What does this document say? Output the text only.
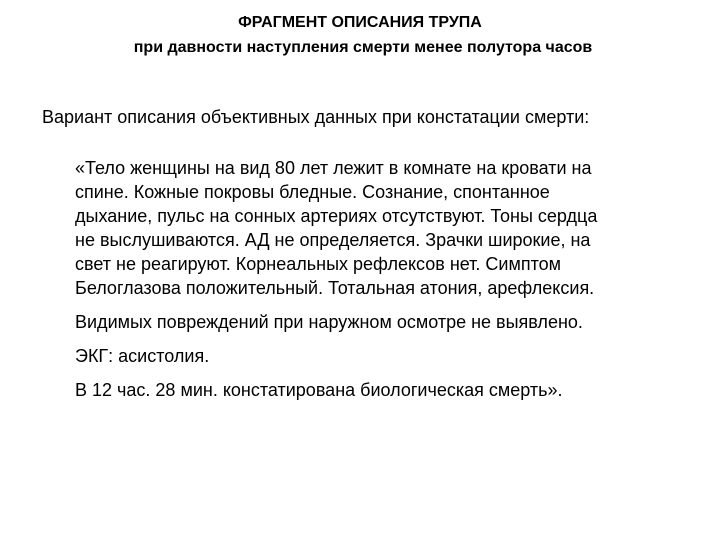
ФРАГМЕНТ ОПИСАНИЯ ТРУПА
при давности наступления смерти менее полутора часов
Вариант описания объективных данных при констатации смерти:
«Тело женщины на вид 80 лет лежит в комнате на кровати на
спине. Кожные покровы бледные. Сознание, спонтанное
дыхание, пульс на сонных артериях отсутствуют. Тоны сердца
не выслушиваются. АД не определяется. Зрачки широкие, на
свет не реагируют. Корнеальных рефлексов нет. Симптом
Белоглазова положительный. Тотальная атония, арефлексия.
Видимых повреждений при наружном осмотре не выявлено.
ЭКГ: асистолия.
В 12 час. 28 мин. констатирована биологическая смерть».
